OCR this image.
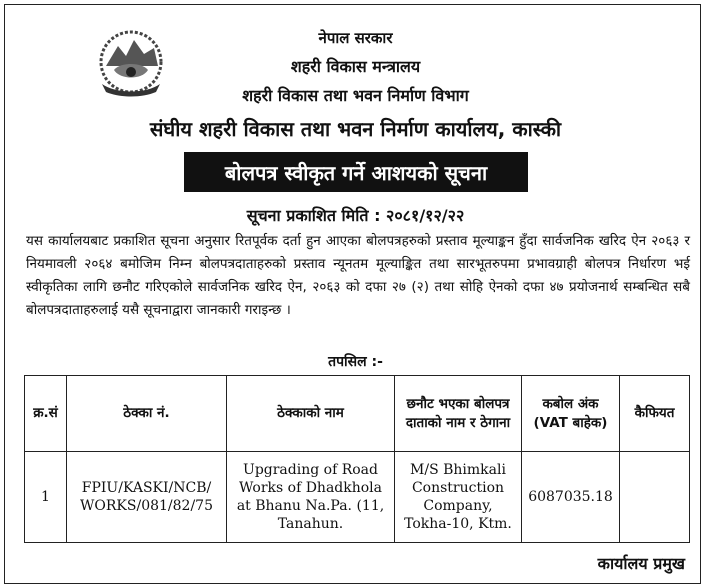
नेपाल सरकार
शहरी विकास मन्त्रालय
शहरी विकास तथा भवन निर्माण विभाग
संघीय शहरी विकास तथा भवन निर्माण कार्यालय, कास्की
बोलपत्र स्वीकृत गर्ने आशयको सूचना
सूचना प्रकाशित मिति : २०८१/१२/२२
यस कार्यालयबाट प्रकाशित सूचना अनुसार रितपूर्वक दर्ता हुन आएका बोलपत्रहरुको प्रस्ताव मूल्याङ्कन हुँदा सार्वजनिक खरिद ऐन २०६३ र नियमावली २०६४ बमोजिम निम्न बोलपत्रदाताहरुको प्रस्ताव न्यूनतम मूल्याङ्कित तथा सारभूतरुपमा प्रभावग्राही बोलपत्र निर्धारण भई स्वीकृतिका लागि छनौट गरिएकोले सार्वजनिक खरिद ऐन, २०६३ को दफा २७ (२) तथा सोहि ऐनको दफा ४७ प्रयोजनार्थ सम्बन्धित सबै बोलपत्रदाताहरुलाई यसै सूचनाद्वारा जानकारी गराइन्छ ।
तपसिल :-
क्र.सं	ठेक्का नं.	ठेक्काको नाम	छनौट भएका बोलपत्र दाताको नाम र ठेगाना	कबोल अंक (VAT बाहेक)	कैफियत
1	FPIU/KASKI/NCB/ WORKS/081/82/75	Upgrading of Road Works of Dhadkhola at Bhanu Na.Pa. (11, Tanahun.	M/S Bhimkali Construction Company, Tokha-10, Ktm.	6087035.18	
कार्यालय प्रमुख
